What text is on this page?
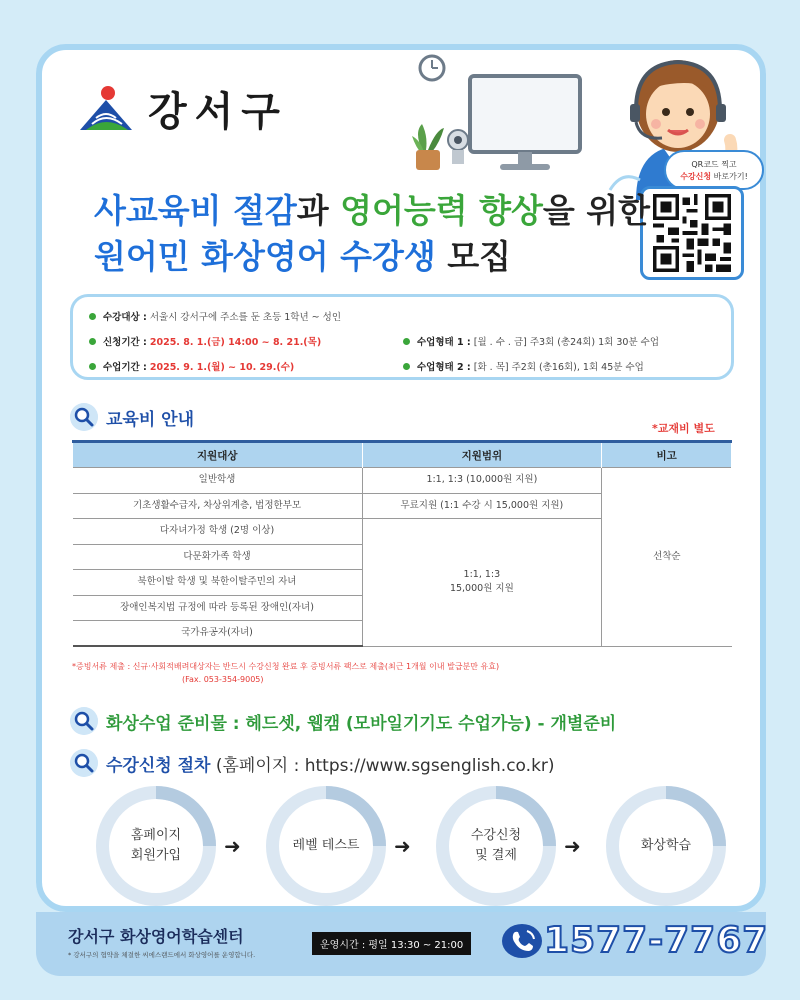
강서구
QR코드 찍고
수강신청 바로가기!
사교육비 절감과 영어능력 향상을 위한
원어민 화상영어 수강생 모집
수강대상 :
서울시 강서구에 주소를 둔 초등 1학년 ~ 성인
신청기간 :
2025. 8. 1.(금) 14:00 ~ 8. 21.(목)
수업기간 :
2025. 9. 1.(월) ~ 10. 29.(수)
수업형태 1 :
[월 . 수 . 금] 주3회 (총24회) 1회 30분 수업
수업형태 2 :
[화 . 목] 주2회 (총16회), 1회 45분 수업
교육비 안내	*교재비 별도
지원대상	지원범위	비고
일반학생	1:1, 1:3 (10,000원 지원)	선착순
기초생활수급자, 차상위계층, 법정한부모	무료지원 (1:1 수강 시 15,000원 지원)	
다자녀가정 학생 (2명 이상)	1:1, 1:3
15,000원 지원	

다문화가족 학생		
북한이탈 학생 및 북한이탈주민의 자녀		
장애인복지법 규정에 따라 등록된 장애인(자녀)		
국가유공자(자녀)		
*증빙서류 제출 : 신규·사회적배려대상자는 반드시 수강신청 완료 후 증빙서류 팩스로 제출(최근 1개월 이내 발급분만 유효)
(Fax. 053-354-9005)
화상수업 준비물 : 헤드셋, 웹캠 (모바일기기도 수업가능) - 개별준비
수강신청 절차 (홈페이지 : https://www.sgsenglish.co.kr)
홈페이지
회원가입
레벨 테스트
수강신청
및 결제
화상학습
➜	➜	➜
강서구 화상영어학습센터
* 강서구의 협약을 체결한 씨에스랜드에서 화상영어를 운영합니다.
운영시간 : 평일 13:30 ~ 21:00 1577-7767
